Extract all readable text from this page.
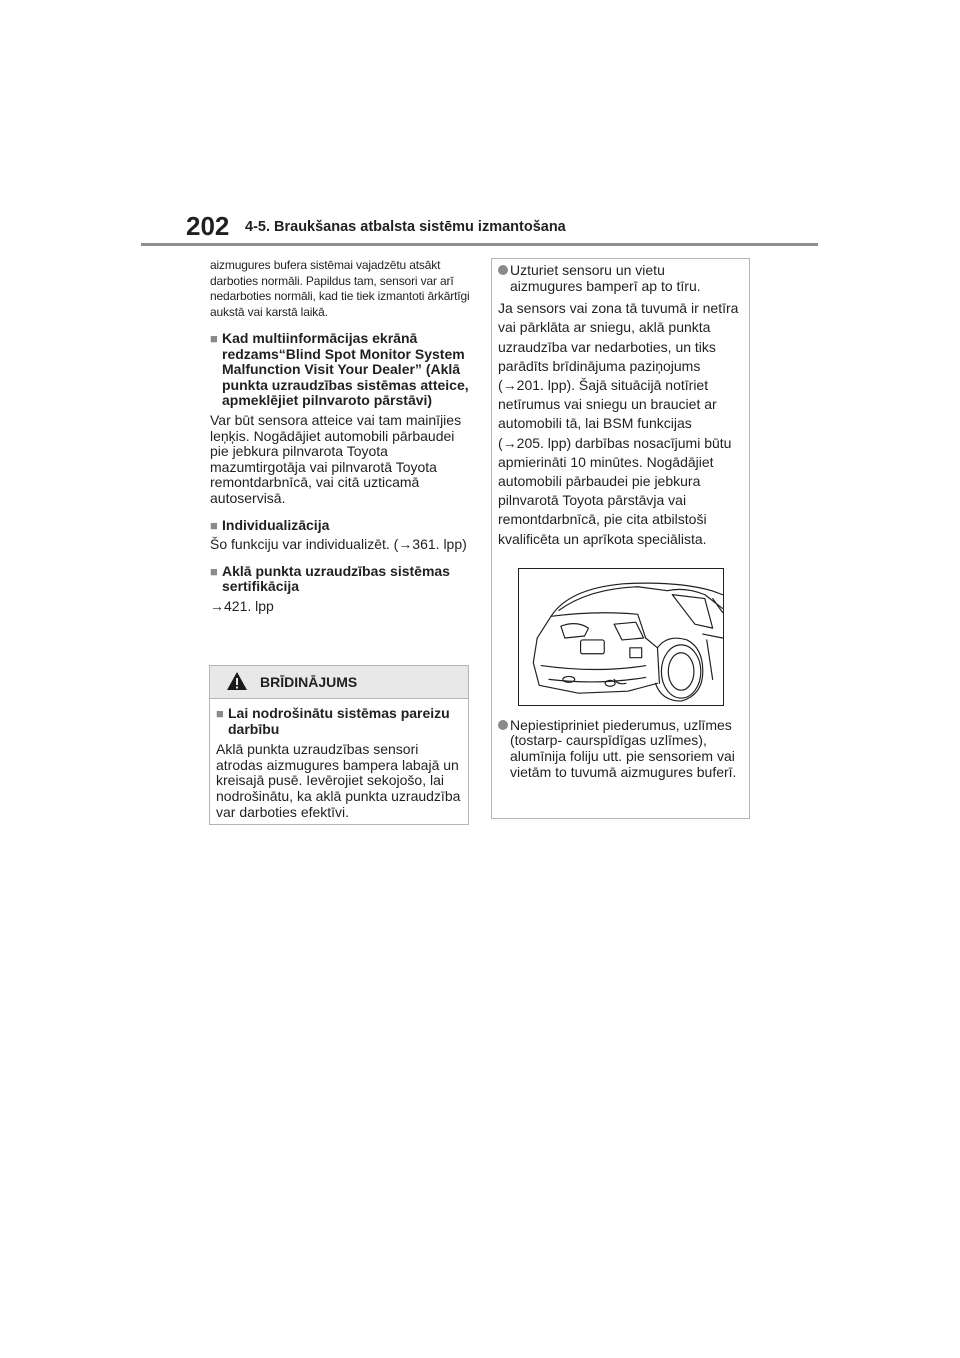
202 4-5. Braukšanas atbalsta sistēmu izmantošana

aizmugures bufera sistēmai vajadzētu atsākt darboties normāli. Papildus tam, sensori var arī nedarboties normāli, kad tie tiek izmantoti ārkārtīgi aukstā vai karstā laikā.

■ Kad multiinformācijas ekrānā redzams“Blind Spot Monitor System Malfunction Visit Your Dealer” (Aklā punkta uzraudzības sistēmas atteice, apmeklējiet pilnvaroto pārstāvi)

Var būt sensora atteice vai tam mainījies leņķis. Nogādājiet automobili pārbaudei pie jebkura pilnvarota Toyota mazumtirgotāja vai pilnvarotā Toyota remontdarbnīcā, vai citā uzticamā autoservisā.

■ Individualizācija

Šo funkciju var individualizēt. (→361. lpp)

■ Aklā punkta uzraudzības sistēmas sertifikācija

→421. lpp

BRĪDINĀJUMS
■ Lai nodrošinātu sistēmas pareizu darbību

Aklā punkta uzraudzības sensori atrodas aizmugures bampera labajā un kreisajā pusē. Ievērojiet sekojošo, lai nodrošinātu, ka aklā punkta uzraudzība var darboties efektīvi.

Uzturiet sensoru un vietu aizmugures bamperī ap to tīru.

Ja sensors vai zona tā tuvumā ir netīra vai pārklāta ar sniegu, aklā punkta uzraudzība var nedarboties, un tiks parādīts brīdinājuma paziņojums (→201. lpp). Šajā situācijā notīriet netīrumus vai sniegu un brauciet ar automobili tā, lai BSM funkcijas (→205. lpp) darbības nosacījumi būtu apmierināti 10 minūtes. Nogādājiet automobili pārbaudei pie jebkura pilnvarotā Toyota pārstāvja vai remontdarbnīcā, pie cita atbilstoši kvalificēta un aprīkota speciālista.

Nepiestipriniet piederumus, uzlīmes (tostarp- caurspīdīgas uzlīmes), alumīnija foliju utt. pie sensoriem vai vietām to tuvumā aizmugures buferī.
